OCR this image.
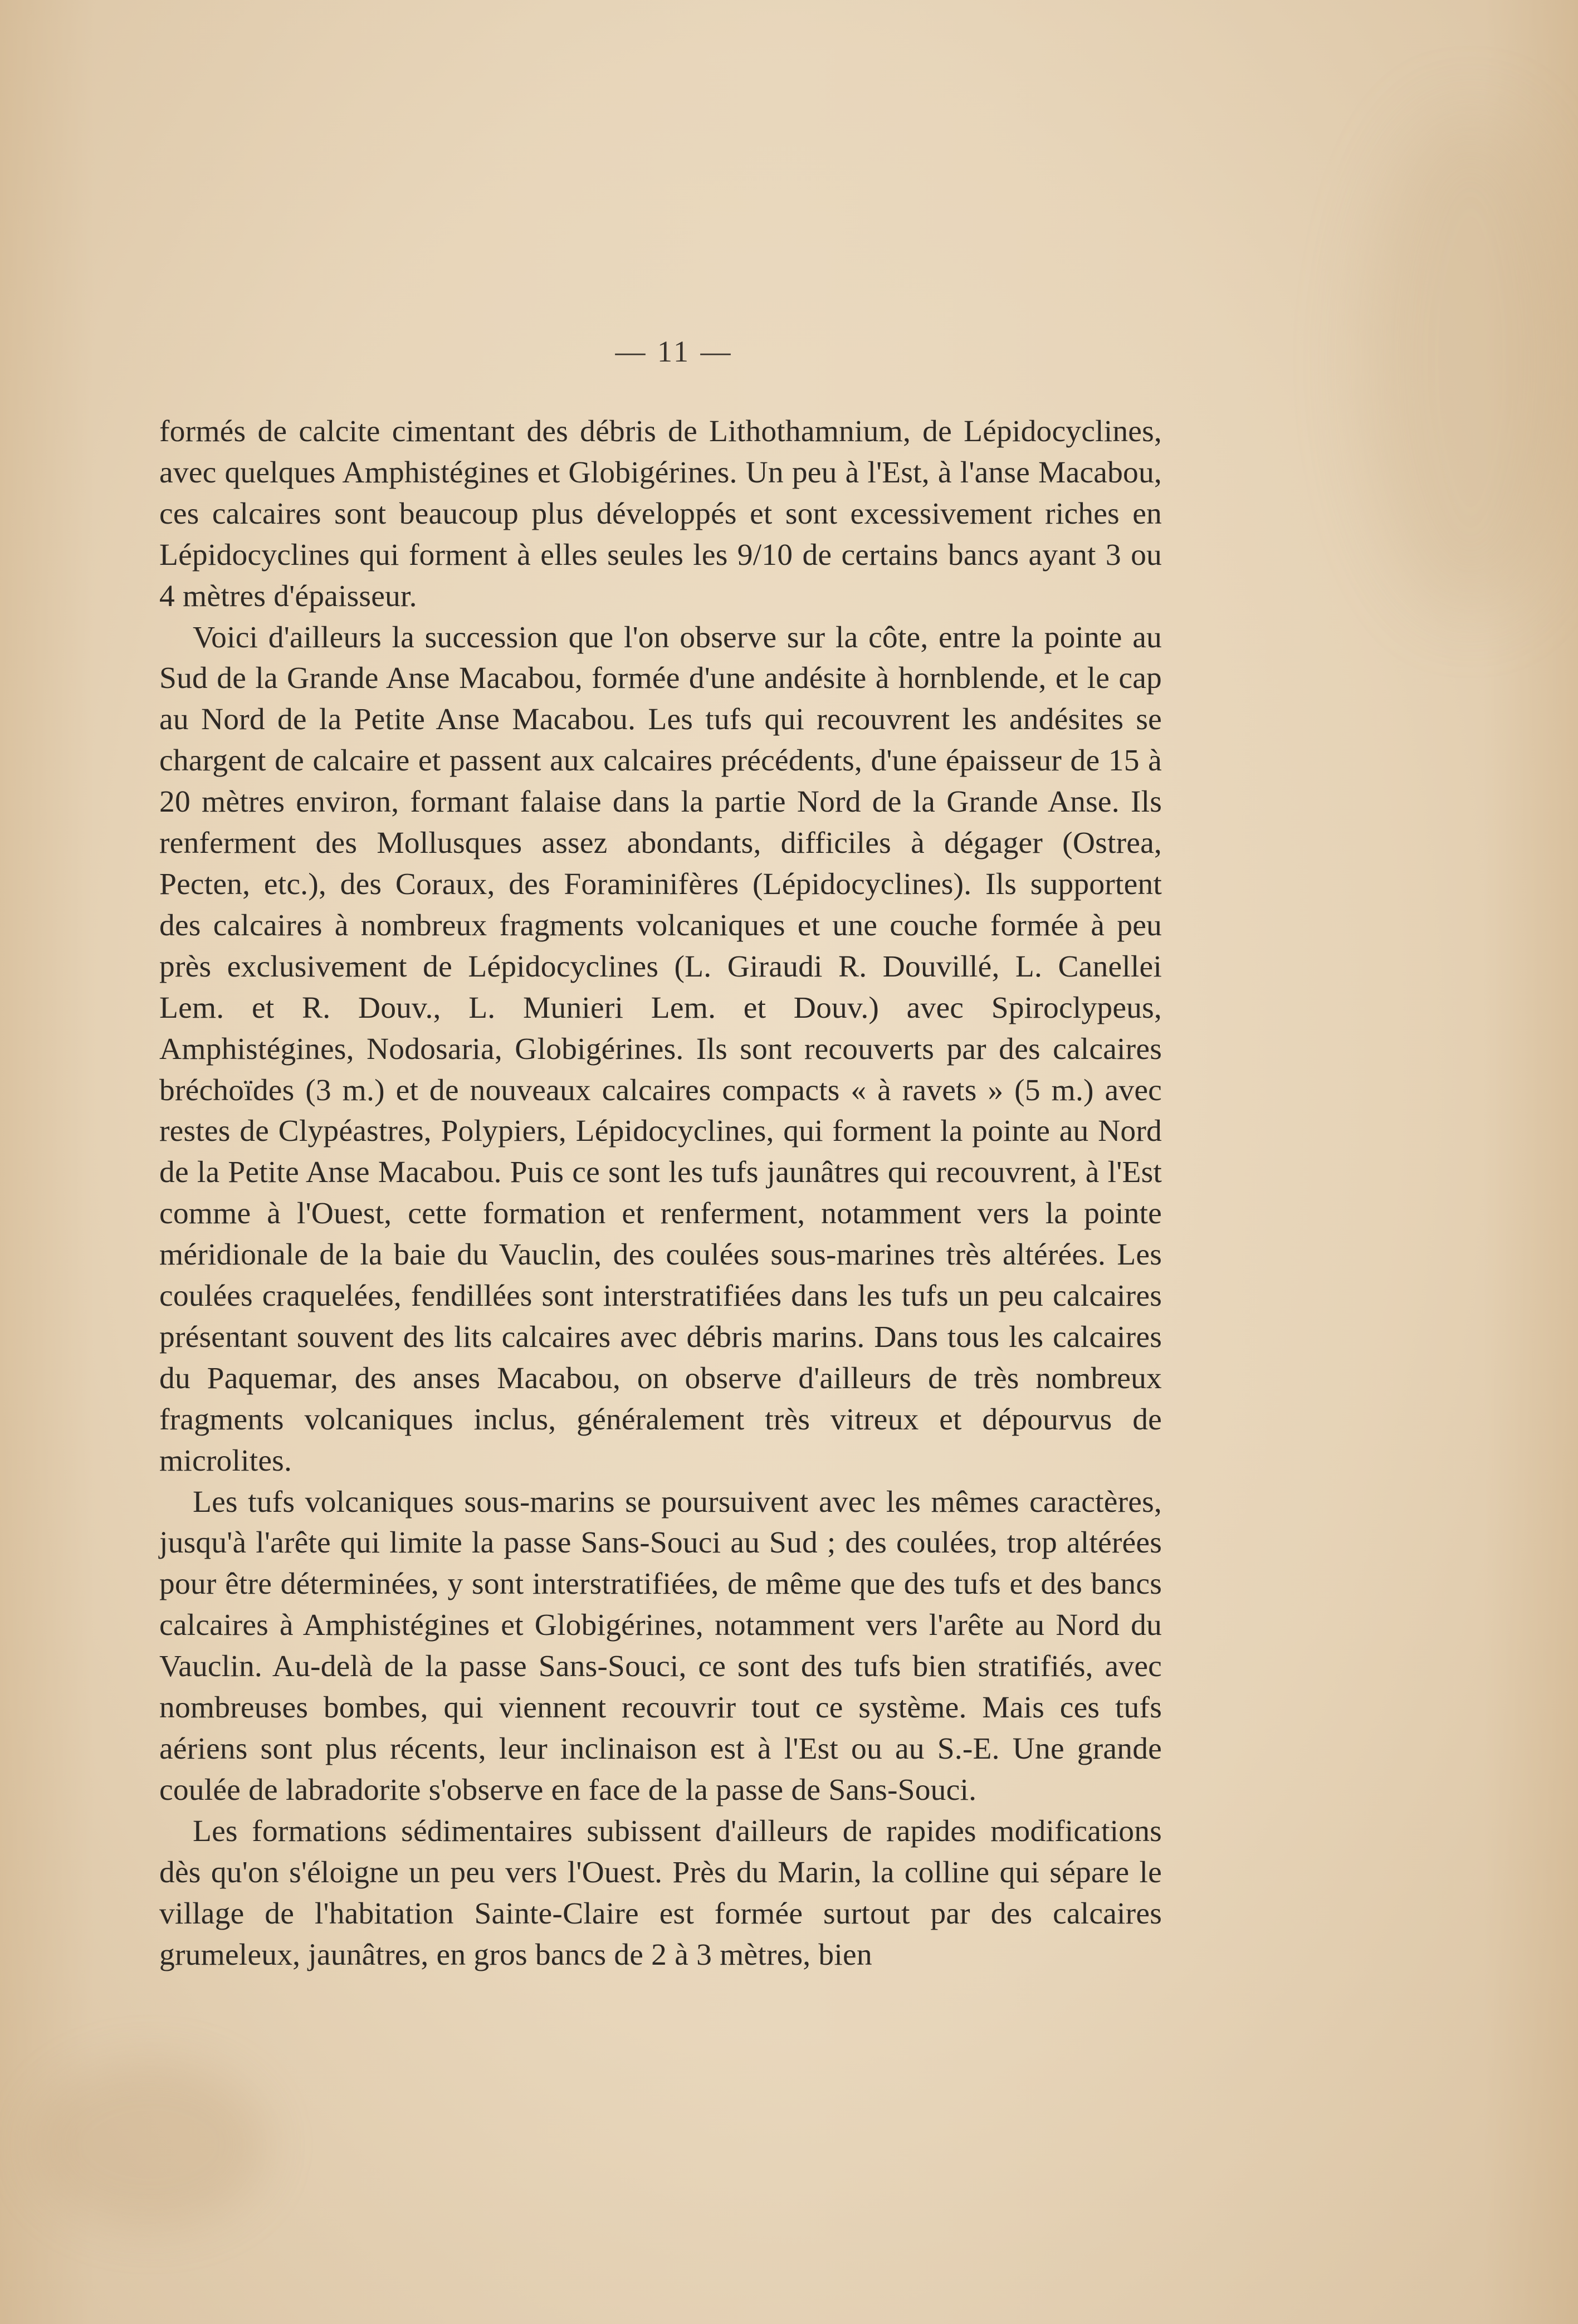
— 11 —

formés de calcite cimentant des débris de Lithothamnium, de Lépidocyclines, avec quelques Amphistégines et Globigérines. Un peu à l'Est, à l'anse Macabou, ces calcaires sont beaucoup plus développés et sont excessivement riches en Lépidocyclines qui forment à elles seules les 9/10 de certains bancs ayant 3 ou 4 mètres d'épaisseur.

Voici d'ailleurs la succession que l'on observe sur la côte, entre la pointe au Sud de la Grande Anse Macabou, formée d'une andésite à hornblende, et le cap au Nord de la Petite Anse Macabou. Les tufs qui recouvrent les andésites se chargent de calcaire et passent aux calcaires précédents, d'une épaisseur de 15 à 20 mètres environ, formant falaise dans la partie Nord de la Grande Anse. Ils renferment des Mollusques assez abondants, difficiles à dégager (Ostrea, Pecten, etc.), des Coraux, des Foraminifères (Lépidocyclines). Ils supportent des calcaires à nombreux fragments volcaniques et une couche formée à peu près exclusivement de Lépidocyclines (L. Giraudi R. Douvillé, L. Canellei Lem. et R. Douv., L. Munieri Lem. et Douv.) avec Spiroclypeus, Amphistégines, Nodosaria, Globigérines. Ils sont recouverts par des calcaires bréchoïdes (3 m.) et de nouveaux calcaires compacts « à ravets » (5 m.) avec restes de Clypéastres, Polypiers, Lépidocyclines, qui forment la pointe au Nord de la Petite Anse Macabou. Puis ce sont les tufs jaunâtres qui recouvrent, à l'Est comme à l'Ouest, cette formation et renferment, notamment vers la pointe méridionale de la baie du Vauclin, des coulées sous-marines très altérées. Les coulées craquelées, fendillées sont interstratifiées dans les tufs un peu calcaires présentant souvent des lits calcaires avec débris marins. Dans tous les calcaires du Paquemar, des anses Macabou, on observe d'ailleurs de très nombreux fragments volcaniques inclus, généralement très vitreux et dépourvus de microlites.

Les tufs volcaniques sous-marins se poursuivent avec les mêmes caractères, jusqu'à l'arête qui limite la passe Sans-Souci au Sud ; des coulées, trop altérées pour être déterminées, y sont interstratifiées, de même que des tufs et des bancs calcaires à Amphistégines et Globigérines, notamment vers l'arête au Nord du Vauclin. Au-delà de la passe Sans-Souci, ce sont des tufs bien stratifiés, avec nombreuses bombes, qui viennent recouvrir tout ce système. Mais ces tufs aériens sont plus récents, leur inclinaison est à l'Est ou au S.-E. Une grande coulée de labradorite s'observe en face de la passe de Sans-Souci.

Les formations sédimentaires subissent d'ailleurs de rapides modifications dès qu'on s'éloigne un peu vers l'Ouest. Près du Marin, la colline qui sépare le village de l'habitation Sainte-Claire est formée surtout par des calcaires grumeleux, jaunâtres, en gros bancs de 2 à 3 mètres, bien
